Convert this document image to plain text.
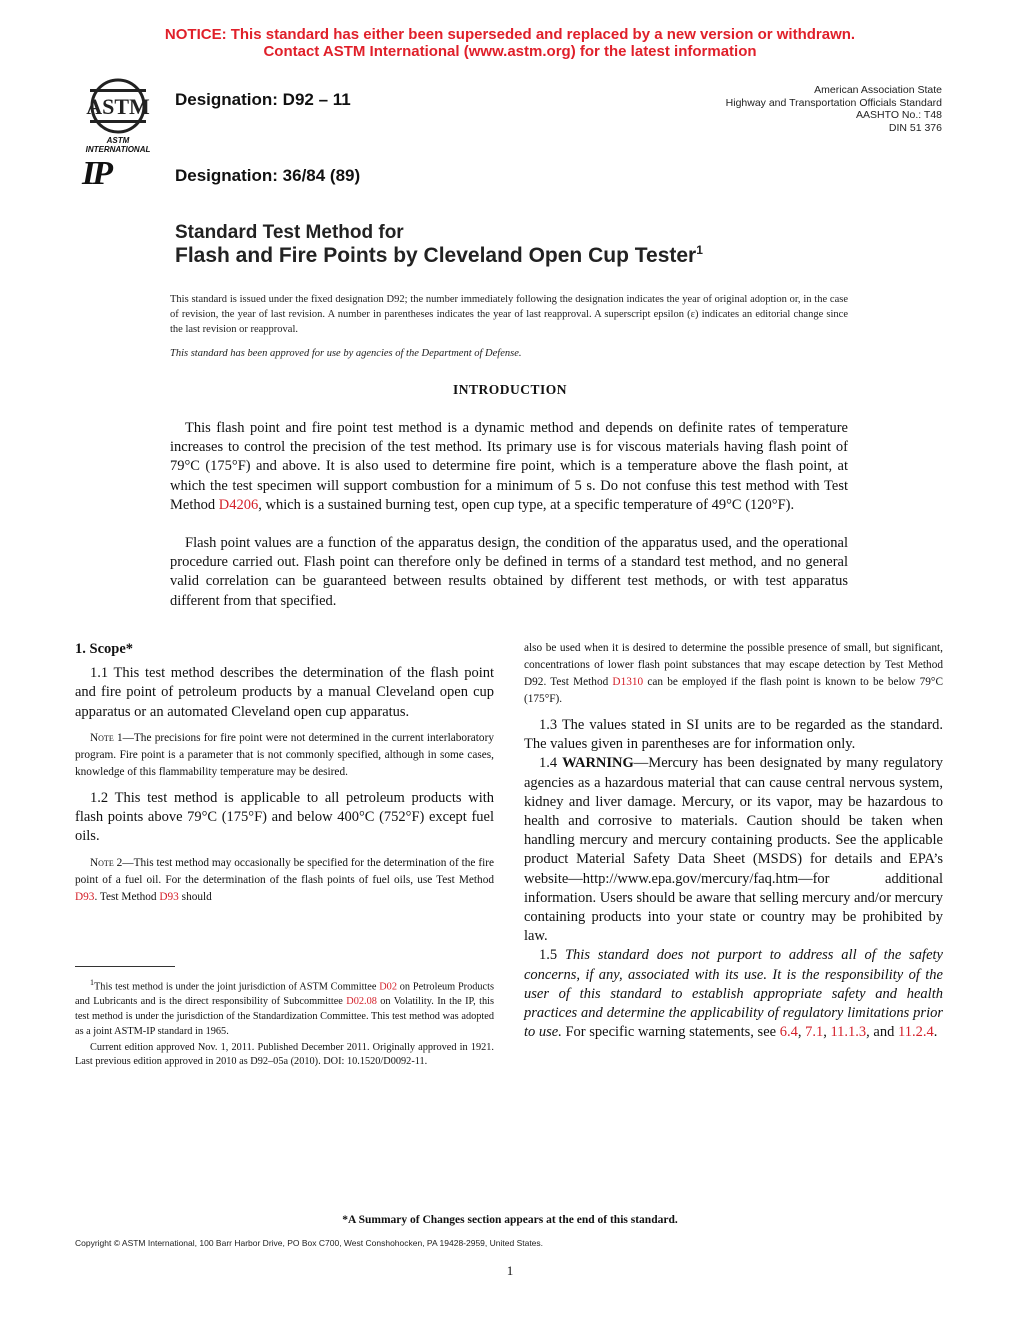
NOTICE: This standard has either been superseded and replaced by a new version or withdrawn.
Contact ASTM International (www.astm.org) for the latest information
ASTM
ASTM INTERNATIONAL
IP
Designation: D92 – 11
Designation: 36/84 (89)
American Association State
Highway and Transportation Officials Standard
AASHTO No.: T48
DIN 51 376
Standard Test Method for
Flash and Fire Points by Cleveland Open Cup Tester$^1$
This standard is issued under the fixed designation D92; the number immediately following the designation indicates the year of original adoption or, in the case of revision, the year of last revision. A number in parentheses indicates the year of last reapproval. A superscript epsilon (ε) indicates an editorial change since the last revision or reapproval.
This standard has been approved for use by agencies of the Department of Defense.
INTRODUCTION
This flash point and fire point test method is a dynamic method and depends on definite rates of temperature increases to control the precision of the test method. Its primary use is for viscous materials having flash point of 79°C (175°F) and above. It is also used to determine fire point, which is a temperature above the flash point, at which the test specimen will support combustion for a minimum of 5 s. Do not confuse this test method with Test Method D4206, which is a sustained burning test, open cup type, at a specific temperature of 49°C (120°F).
Flash point values are a function of the apparatus design, the condition of the apparatus used, and the operational procedure carried out. Flash point can therefore only be defined in terms of a standard test method, and no general valid correlation can be guaranteed between results obtained by different test methods, or with test apparatus different from that specified.
1. Scope*

1.1 This test method describes the determination of the flash point and fire point of petroleum products by a manual Cleveland open cup apparatus or an automated Cleveland open cup apparatus.

Note 1—The precisions for fire point were not determined in the current interlaboratory program. Fire point is a parameter that is not commonly specified, although in some cases, knowledge of this flammability temperature may be desired.

1.2 This test method is applicable to all petroleum products with flash points above 79°C (175°F) and below 400°C (752°F) except fuel oils.

Note 2—This test method may occasionally be specified for the determination of the fire point of a fuel oil. For the determination of the flash points of fuel oils, use Test Method D93. Test Method D93 should
$^1$This test method is under the joint jurisdiction of ASTM Committee D02 on Petroleum Products and Lubricants and is the direct responsibility of Subcommittee D02.08 on Volatility. In the IP, this test method is under the jurisdiction of the Standardization Committee. This test method was adopted as a joint ASTM-IP standard in 1965.
Current edition approved Nov. 1, 2011. Published December 2011. Originally approved in 1921. Last previous edition approved in 2010 as D92–05a (2010). DOI: 10.1520/D0092-11.
also be used when it is desired to determine the possible presence of small, but significant, concentrations of lower flash point substances that may escape detection by Test Method D92. Test Method D1310 can be employed if the flash point is known to be below 79°C (175°F).

1.3 The values stated in SI units are to be regarded as the standard. The values given in parentheses are for information only.

1.4 WARNING—Mercury has been designated by many regulatory agencies as a hazardous material that can cause central nervous system, kidney and liver damage. Mercury, or its vapor, may be hazardous to health and corrosive to materials. Caution should be taken when handling mercury and mercury containing products. See the applicable product Material Safety Data Sheet (MSDS) for details and EPA’s website—http://www.epa.gov/mercury/faq.htm—for additional information. Users should be aware that selling mercury and/or mercury containing products into your state or country may be prohibited by law.

1.5 This standard does not purport to address all of the safety concerns, if any, associated with its use. It is the responsibility of the user of this standard to establish appropriate safety and health practices and determine the applicability of regulatory limitations prior to use. For specific warning statements, see 6.4, 7.1, 11.1.3, and 11.2.4.

*A Summary of Changes section appears at the end of this standard.
Copyright © ASTM International, 100 Barr Harbor Drive, PO Box C700, West Conshohocken, PA 19428-2959, United States.
1
